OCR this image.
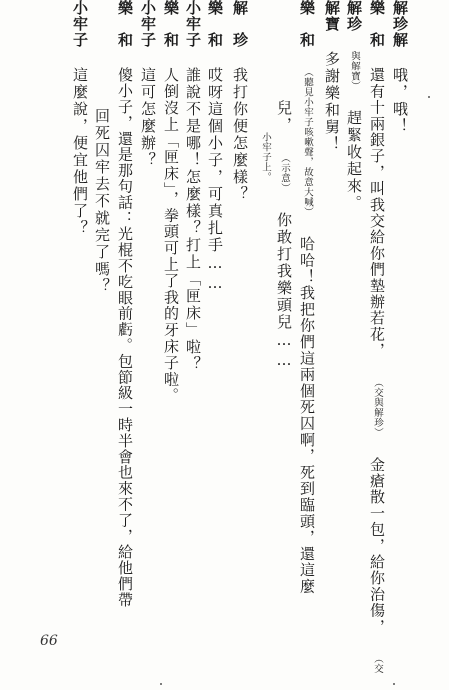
解珍解 哦，哦！
樂　和 還有十兩銀子，叫我交給你們墊辦若花， （交與解珍） 金瘡散一包，給你治傷， （交
解珍 與解寶） 趕緊收起來。
解寶 多謝樂和舅！
樂　和 （聽見小牢子咳嗽聲，故意大喊） 哈哈！我把你們這兩個死囚啊，死到臨頭，還這麼
兒， （示意） 你敢打我樂頭兒……
小牢子上。
解　珍 我打你便怎麼樣？
樂　和 哎呀這個小子，可真扎手……
小牢子 誰說不是哪！怎麼樣？打上「匣床」啦？
樂　和 人倒沒上「匣床」，拳頭可上了我的牙床子啦。
小牢子 這可怎麼辦？
樂　和 傻小子，還是那句話：光棍不吃眼前虧。包節級一時半會也來不了，給他們帶
回死囚牢去不就完了嗎？
小牢子 這麼說，便宜他們了？
66
